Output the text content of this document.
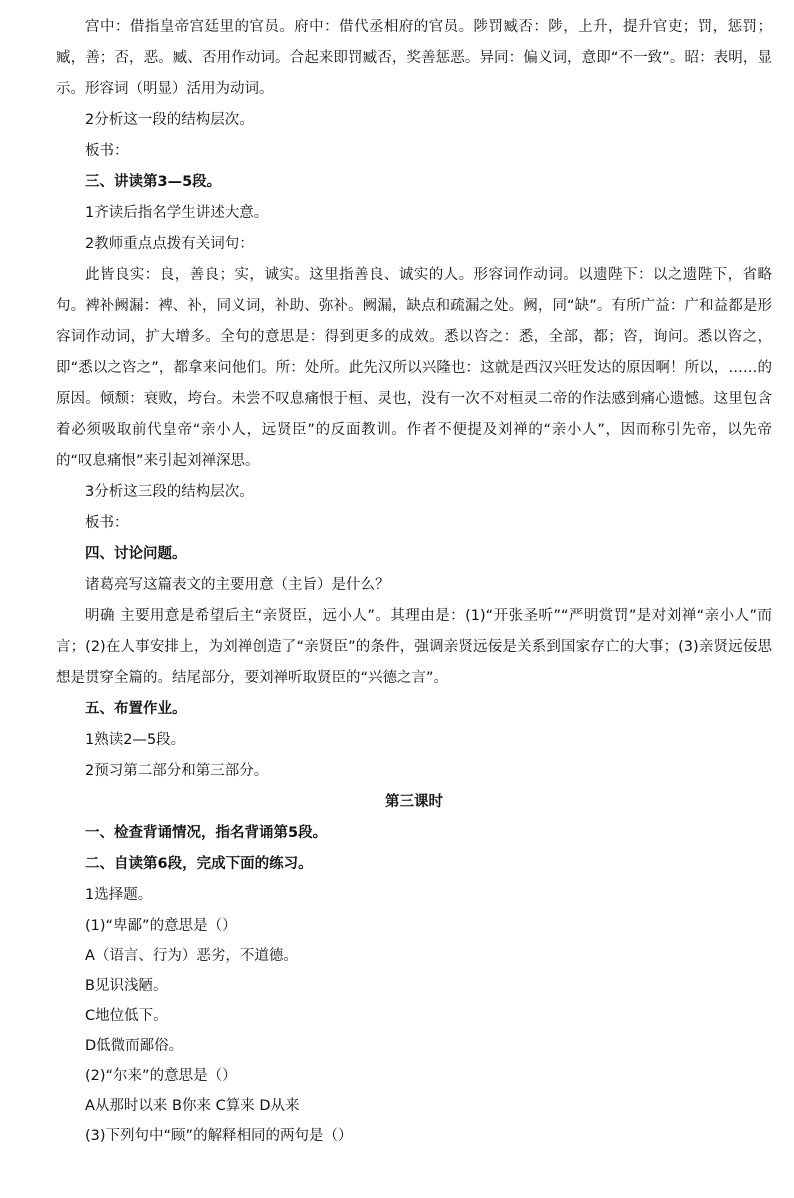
宫中：借指皇帝宫廷里的官员。府中：借代丞相府的官员。陟罚臧否：陟，上升，提升官吏；罚，惩罚；臧，善；否，恶。臧、否用作动词。合起来即罚臧否，奖善惩恶。异同：偏义词，意即“不一致”。昭：表明，显示。形容词（明显）活用为动词。

2分析这一段的结构层次。

板书：

三、讲读第3—5段。

1齐读后指名学生讲述大意。

2教师重点点拨有关词句：

此皆良实：良，善良；实，诚实。这里指善良、诚实的人。形容词作动词。以遗陛下：以之遗陛下，省略句。裨补阙漏：裨、补，同义词，补助、弥补。阙漏，缺点和疏漏之处。阙，同“缺”。有所广益：广和益都是形容词作动词，扩大增多。全句的意思是：得到更多的成效。悉以咨之：悉，全部，都；咨，询问。悉以咨之，即“悉以之咨之”，都拿来问他们。所：处所。此先汉所以兴隆也：这就是西汉兴旺发达的原因啊！所以，……的原因。倾颓：衰败，垮台。未尝不叹息痛恨于桓、灵也，没有一次不对桓灵二帝的作法感到痛心遗憾。这里包含着必须吸取前代皇帝“亲小人，远贤臣”的反面教训。作者不便提及刘禅的“亲小人”，因而称引先帝，以先帝的“叹息痛恨”来引起刘禅深思。

3分析这三段的结构层次。

板书：

四、讨论问题。

诸葛亮写这篇表文的主要用意（主旨）是什么？

明确 主要用意是希望后主“亲贤臣，远小人”。其理由是：(1)“开张圣听”“严明赏罚”是对刘禅“亲小人”而言；(2)在人事安排上，为刘禅创造了“亲贤臣”的条件，强调亲贤远佞是关系到国家存亡的大事；(3)亲贤远佞思想是贯穿全篇的。结尾部分，要刘禅听取贤臣的“兴德之言”。

五、布置作业。

1熟读2—5段。

2预习第二部分和第三部分。

第三课时

一、检查背诵情况，指名背诵第5段。

二、自读第6段，完成下面的练习。

1选择题。

(1)“卑鄙”的意思是（）

A（语言、行为）恶劣，不道德。

B见识浅陋。

C地位低下。

D低微而鄙俗。

(2)“尔来”的意思是（）

A从那时以来 B你来 C算来 D从来

(3)下列句中“顾”的解释相同的两句是（）
